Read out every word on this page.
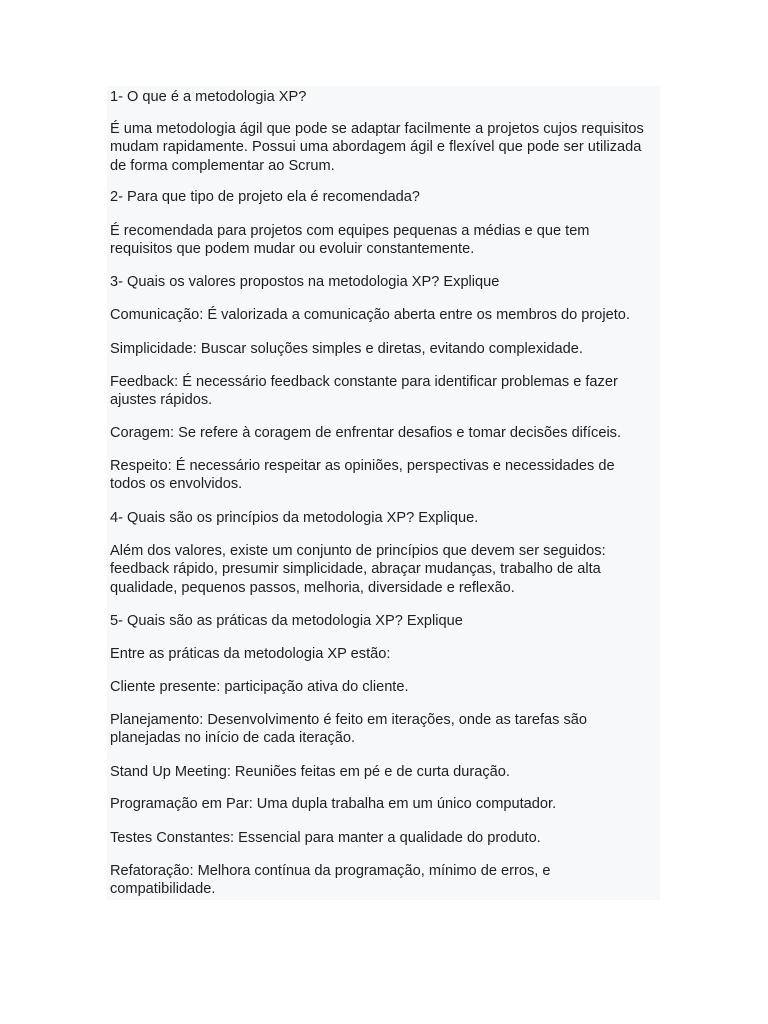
1- O que é a metodologia XP?

É uma metodologia ágil que pode se adaptar facilmente a projetos cujos requisitos mudam rapidamente. Possui uma abordagem ágil e flexível que pode ser utilizada de forma complementar ao Scrum.

2- Para que tipo de projeto ela é recomendada?

É recomendada para projetos com equipes pequenas a médias e que tem requisitos que podem mudar ou evoluir constantemente.

3- Quais os valores propostos na metodologia XP? Explique

Comunicação: É valorizada a comunicação aberta entre os membros do projeto.

Simplicidade: Buscar soluções simples e diretas, evitando complexidade.

Feedback: É necessário feedback constante para identificar problemas e fazer ajustes rápidos.

Coragem: Se refere à coragem de enfrentar desafios e tomar decisões difíceis.

Respeito: É necessário respeitar as opiniões, perspectivas e necessidades de todos os envolvidos.

4- Quais são os princípios da metodologia XP? Explique.

Além dos valores, existe um conjunto de princípios que devem ser seguidos: feedback rápido, presumir simplicidade, abraçar mudanças, trabalho de alta qualidade, pequenos passos, melhoria, diversidade e reflexão.

5- Quais são as práticas da metodologia XP? Explique

Entre as práticas da metodologia XP estão:

Cliente presente: participação ativa do cliente.

Planejamento: Desenvolvimento é feito em iterações, onde as tarefas são planejadas no início de cada iteração.

Stand Up Meeting: Reuniões feitas em pé e de curta duração.

Programação em Par: Uma dupla trabalha em um único computador.

Testes Constantes: Essencial para manter a qualidade do produto.

Refatoração: Melhora contínua da programação, mínimo de erros, e compatibilidade.
